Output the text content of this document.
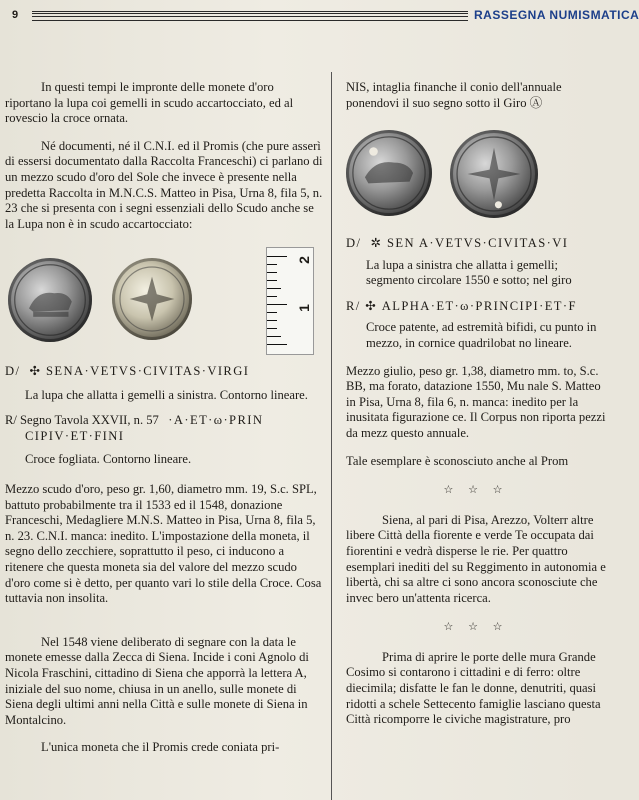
9	RASSEGNA NUMISMATICA

In questi tempi le impronte delle monete d'oro riportano la lupa coi gemelli in scudo accartocciato, ed al rovescio la croce ornata.

Né documenti, né il C.N.I. ed il Promis (che pure asserì di essersi documentato dalla Raccolta Franceschi) ci parlano di un mezzo scudo d'oro del Sole che invece è presente nella predetta Raccolta in M.N.C.S. Matteo in Pisa, Urna 8, fila 5, n. 23 che si presenta con i segni essenziali dello Scudo anche se la Lupa non è in scudo accartocciato:

2
1

D/ ✣ SENA·VETVS·CIVITAS·VIRGI

La lupa che allatta i gemelli a sinistra. Contorno lineare.

R/ Segno Tavola XXVII, n. 57 ·A·ET·ω·PRIN

CIPIV·ET·FINI

Croce fogliata. Contorno lineare.

Mezzo scudo d'oro, peso gr. 1,60, diametro mm. 19, S.c. SPL, battuto probabilmente tra il 1533 ed il 1548, donazione Franceschi, Medagliere M.N.S. Matteo in Pisa, Urna 8, fila 5, n. 23. C.N.I. manca: inedito. L'impostazione della moneta, il segno dello zecchiere, soprattutto il peso, ci inducono a ritenere che questa moneta sia del valore del mezzo scudo d'oro come si è detto, per quanto vari lo stile della Croce. Cosa tuttavia non insolita.

Nel 1548 viene deliberato di segnare con la data le monete emesse dalla Zecca di Siena. Incide i coni Agnolo di Nicola Fraschini, cittadino di Siena che apporrà la lettera A, iniziale del suo nome, chiusa in un anello, sulle monete di Siena degli ultimi anni nella Città e sulle monete di Siena in Montalcino.

L'unica moneta che il Promis crede coniata pri-

NIS, intaglia finanche il conio dell'annuale ponendovi il suo segno sotto il Giro Ⓐ

D/ ✲ SEN A·VETVS·CIVITAS·VI

La lupa a sinistra che allatta i gemelli; segmento circolare 1550 e sotto; nel giro

R/ ✣ ALPHA·ET·ω·PRINCIPI·ET·F

Croce patente, ad estremità bifidi, cu punto in mezzo, in cornice quadrilobat no lineare.

Mezzo giulio, peso gr. 1,38, diametro mm. to, S.c. BB, ma forato, datazione 1550, Mu nale S. Matteo in Pisa, Urna 8, fila 6, n. manca: inedito per la inusitata figurazione ce. Il Corpus non riporta pezzi da mezz questo annuale.

Tale esemplare è sconosciuto anche al Prom

☆ ☆ ☆

Siena, al pari di Pisa, Arezzo, Volterr altre libere Città della fiorente e verde Te occupata dai fiorentini e vedrà disperse le rie. Per quattro esemplari inediti del su Reggimento in autonomia e libertà, chi sa altre ci sono ancora sconosciute che invec bero un'attenta ricerca.

☆ ☆ ☆

Prima di aprire le porte delle mura Grande Cosimo si contarono i cittadini e di ferro: oltre diecimila; disfatte le fan le donne, denutriti, quasi ridotti a schele Settecento famiglie lasciano questa Città ricomporre le civiche magistrature, pro
